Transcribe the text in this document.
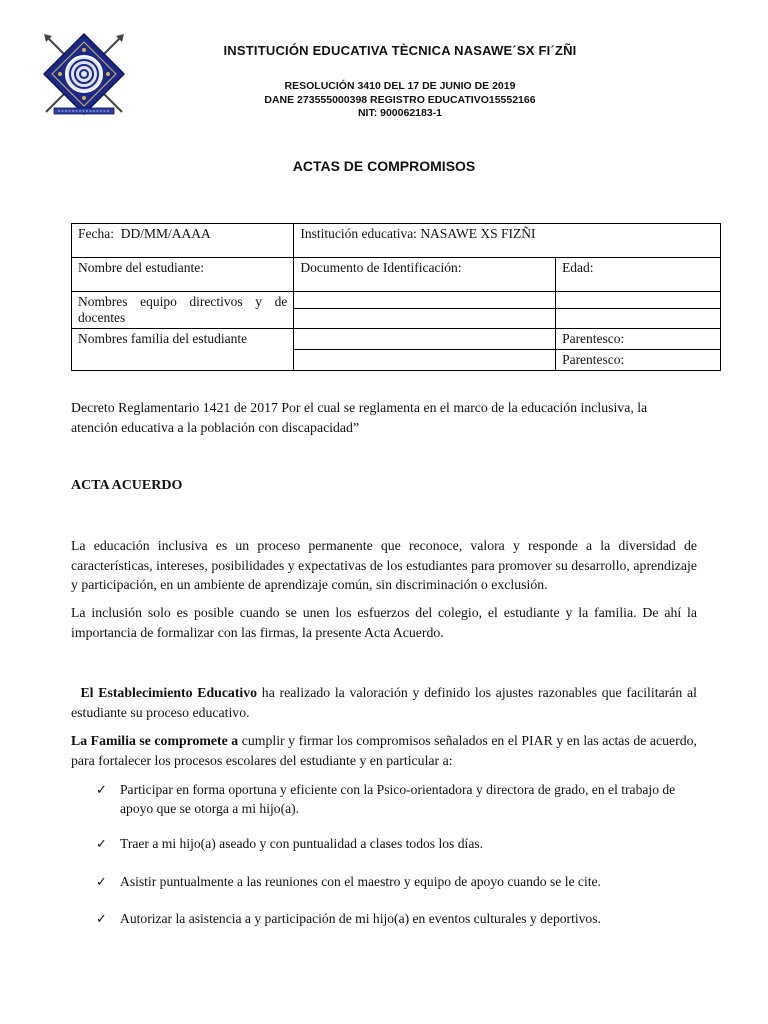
INSTITUCIÓN EDUCATIVA TÈCNICA NASAWE´SX FI´ZÑI
RESOLUCIÓN 3410 DEL 17 DE JUNIO DE 2019
DANE 273555000398 REGISTRO EDUCATIVO15552166
NIT: 900062183-1
ACTAS DE COMPROMISOS
Fecha: DD/MM/AAAA	Institución educativa: NASAWE XS FIZÑI	
Nombre del estudiante:	Documento de Identificación:	Edad:
Nombres equipo directivos y de docentes		

Nombres familia del estudiante		Parentesco:
		Parentesco:
Decreto Reglamentario 1421 de 2017 Por el cual se reglamenta en el marco de la educación inclusiva, la atención educativa a la población con discapacidad”
ACTA ACUERDO
La educación inclusiva es un proceso permanente que reconoce, valora y responde a la diversidad de características, intereses, posibilidades y expectativas de los estudiantes para promover su desarrollo, aprendizaje y participación, en un ambiente de aprendizaje común, sin discriminación o exclusión.
La inclusión solo es posible cuando se unen los esfuerzos del colegio, el estudiante y la familia. De ahí la importancia de formalizar con las firmas, la presente Acta Acuerdo.
El Establecimiento Educativo ha realizado la valoración y definido los ajustes razonables que facilitarán al estudiante su proceso educativo.
La Familia se compromete a cumplir y firmar los compromisos señalados en el PIAR y en las actas de acuerdo, para fortalecer los procesos escolares del estudiante y en particular a:
✓ Participar en forma oportuna y eficiente con la Psico-orientadora y directora de grado, en el trabajo de apoyo que se otorga a mi hijo(a).
✓ Traer a mi hijo(a) aseado y con puntualidad a clases todos los días.
✓ Asistir puntualmente a las reuniones con el maestro y equipo de apoyo cuando se le cite.
✓ Autorizar la asistencia a y participación de mi hijo(a) en eventos culturales y deportivos.
